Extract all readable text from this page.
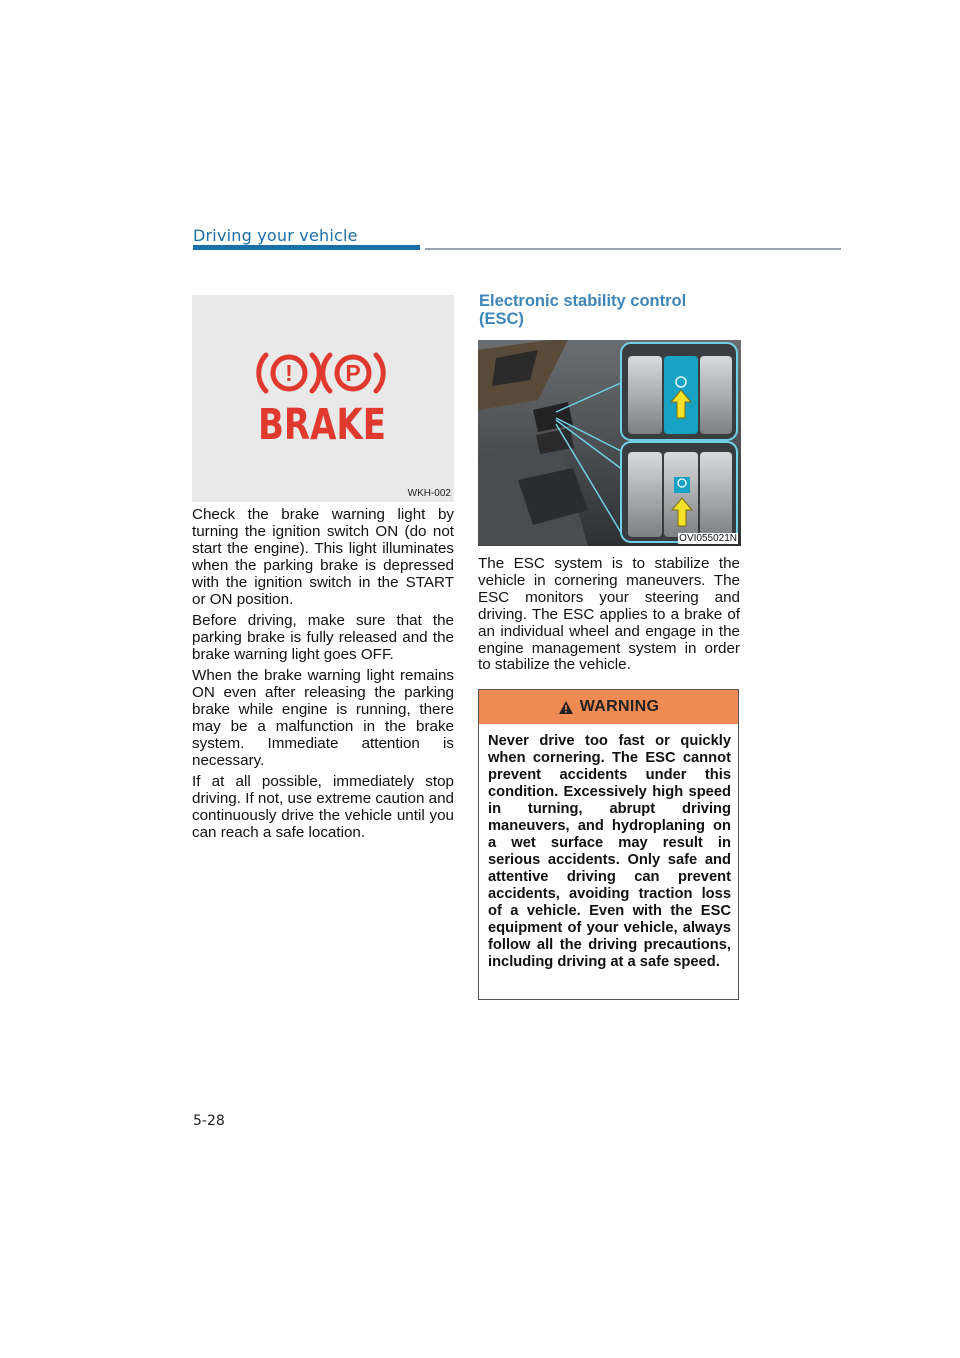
Driving your vehicle
! P
BRAKE
WKH-002

Check the brake warning light by turning the ignition switch ON (do not start the engine). This light illuminates when the parking brake is depressed with the ignition switch in the START or ON position.

Before driving, make sure that the parking brake is fully released and the brake warning light goes OFF.

When the brake warning light remains ON even after releasing the parking brake while engine is running, there may be a malfunction in the brake system. Immediate attention is necessary.

If at all possible, immediately stop driving. If not, use extreme caution and continuously drive the vehicle until you can reach a safe location.

Electronic stability control
(ESC)
OVI055021N

The ESC system is to stabilize the vehicle in cornering maneuvers. The ESC monitors your steering and driving. The ESC applies to a brake of an individual wheel and engage in the engine management system in order to stabilize the vehicle.

WARNING

Never drive too fast or quickly when cornering. The ESC cannot prevent accidents under this condition. Excessively high speed in turning, abrupt driving maneuvers, and hydroplaning on a wet surface may result in serious accidents. Only safe and attentive driving can prevent accidents, avoiding traction loss of a vehicle. Even with the ESC equipment of your vehicle, always follow all the driving precautions, including driving at a safe speed.

5-28
